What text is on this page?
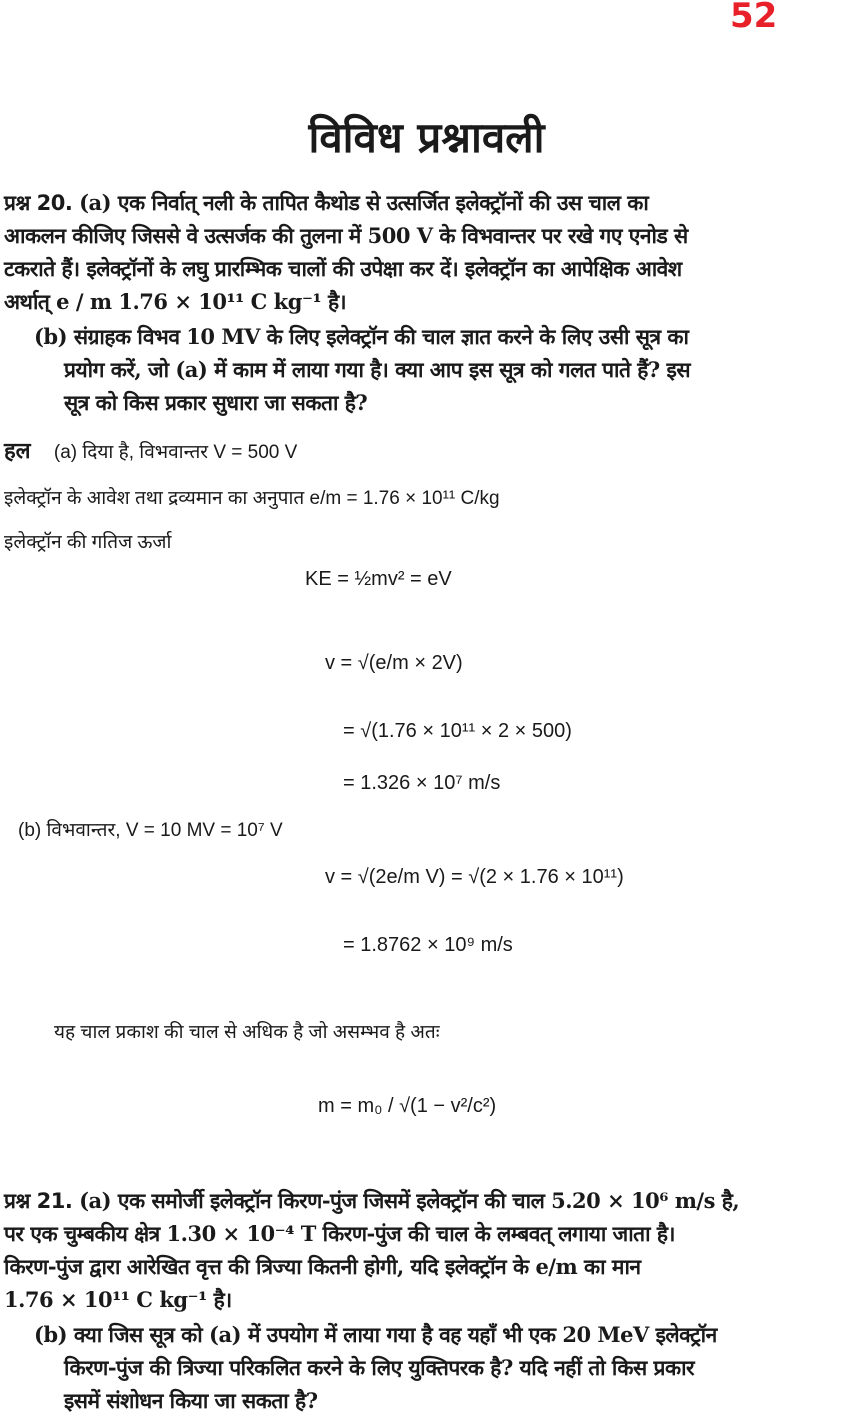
52
विविध प्रश्नावली
प्रश्न 20. (a) एक निर्वात् नली के तापित कैथोड से उत्सर्जित इलेक्ट्रॉनों की उस चाल का
आकलन कीजिए जिससे वे उत्सर्जक की तुलना में 500 V के विभवान्तर पर रखे गए एनोड से
टकराते हैं। इलेक्ट्रॉनों के लघु प्रारम्भिक चालों की उपेक्षा कर दें। इलेक्ट्रॉन का आपेक्षिक आवेश
अर्थात् e / m 1.76 × 10¹¹ C kg⁻¹ है।
(b) संग्राहक विभव 10 MV के लिए इलेक्ट्रॉन की चाल ज्ञात करने के लिए उसी सूत्र का
प्रयोग करें, जो (a) में काम में लाया गया है। क्या आप इस सूत्र को गलत पाते हैं? इस
सूत्र को किस प्रकार सुधारा जा सकता है?
हल (a) दिया है, विभवान्तर V = 500 V
इलेक्ट्रॉन के आवेश तथा द्रव्यमान का अनुपात e/m = 1.76 × 10¹¹ C/kg
इलेक्ट्रॉन की गतिज ऊर्जा
KE = ½mv² = eV
v = √(e/m × 2V)
= √(1.76 × 10¹¹ × 2 × 500)
= 1.326 × 10⁷ m/s
(b) विभवान्तर, V = 10 MV = 10⁷ V
v = √(2e/m V) = √(2 × 1.76 × 10¹¹)
= 1.8762 × 10⁹ m/s
यह चाल प्रकाश की चाल से अधिक है जो असम्भव है अतः
m = m₀ / √(1 − v²/c²)
प्रश्न 21. (a) एक समोर्जी इलेक्ट्रॉन किरण-पुंज जिसमें इलेक्ट्रॉन की चाल 5.20 × 10⁶ m/s है,
पर एक चुम्बकीय क्षेत्र 1.30 × 10⁻⁴ T किरण-पुंज की चाल के लम्बवत् लगाया जाता है।
किरण-पुंज द्वारा आरेखित वृत्त की त्रिज्या कितनी होगी, यदि इलेक्ट्रॉन के e/m का मान
1.76 × 10¹¹ C kg⁻¹ है।
(b) क्या जिस सूत्र को (a) में उपयोग में लाया गया है वह यहाँ भी एक 20 MeV इलेक्ट्रॉन
किरण-पुंज की त्रिज्या परिकलित करने के लिए युक्तिपरक है? यदि नहीं तो किस प्रकार
इसमें संशोधन किया जा सकता है?
